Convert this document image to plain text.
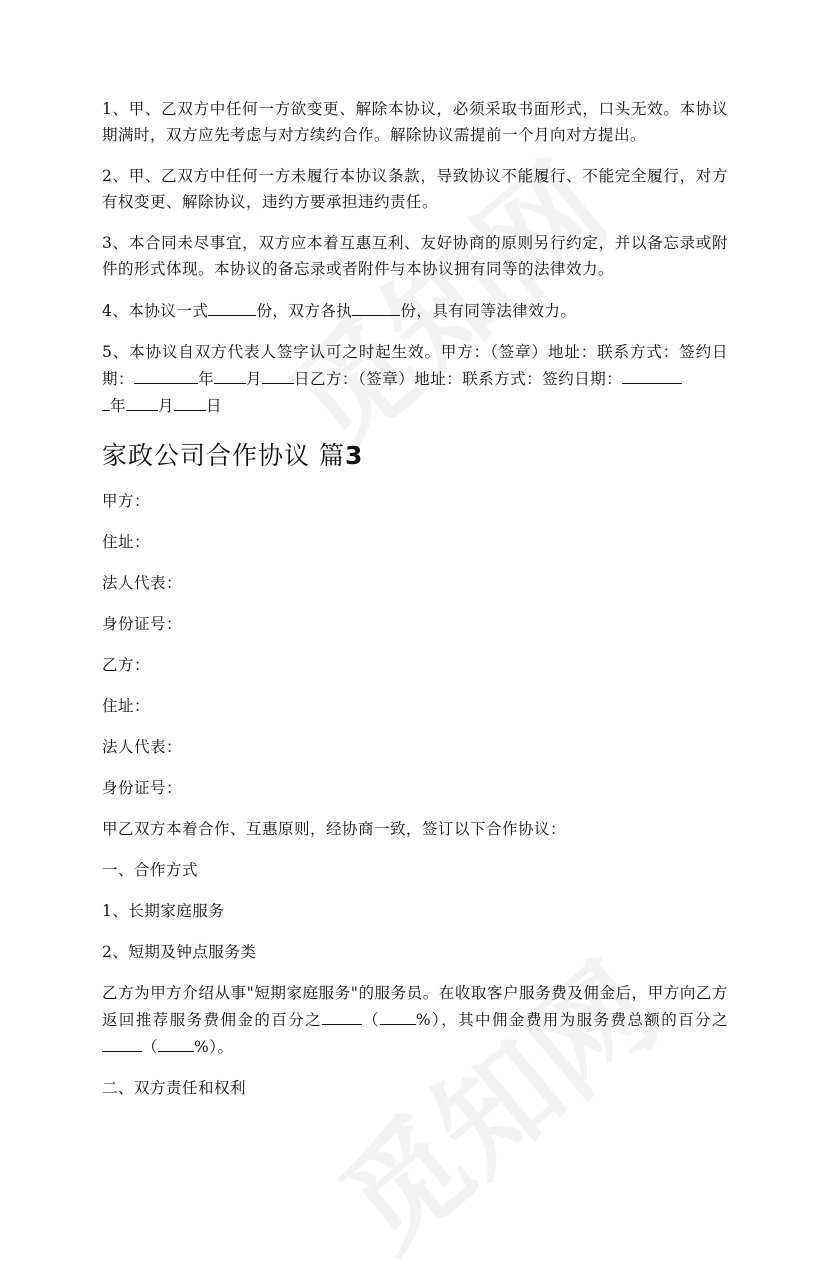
1、甲、乙双方中任何一方欲变更、解除本协议，必须采取书面形式，口头无效。本协议期满时，双方应先考虑与对方续约合作。解除协议需提前一个月向对方提出。

2、甲、乙双方中任何一方未履行本协议条款，导致协议不能履行、不能完全履行，对方有权变更、解除协议，违约方要承担违约责任。

3、本合同未尽事宜，双方应本着互惠互利、友好协商的原则另行约定，并以备忘录或附件的形式体现。本协议的备忘录或者附件与本协议拥有同等的法律效力。

4、本协议一式	份，双方各执	份，具有同等法律效力。

5、本协议自双方代表人签字认可之时起生效。甲方：（签章）地址：联系方式：签约日期：	年 月 日乙方：（签章）地址：联系方式：签约日期：
年 月 日

家政公司合作协议 篇3

甲方：

住址：

法人代表：

身份证号：

乙方：

住址：

法人代表：

身份证号：

甲乙双方本着合作、互惠原则，经协商一致，签订以下合作协议：

一、合作方式

1、长期家庭服务

2、短期及钟点服务类

乙方为甲方介绍从事"短期家庭服务"的服务员。在收取客户服务费及佣金后，甲方向乙方返回推荐服务费佣金的百分之	（ %），其中佣金费用为服务费总额的百分之（ %）。

二、双方责任和权利
